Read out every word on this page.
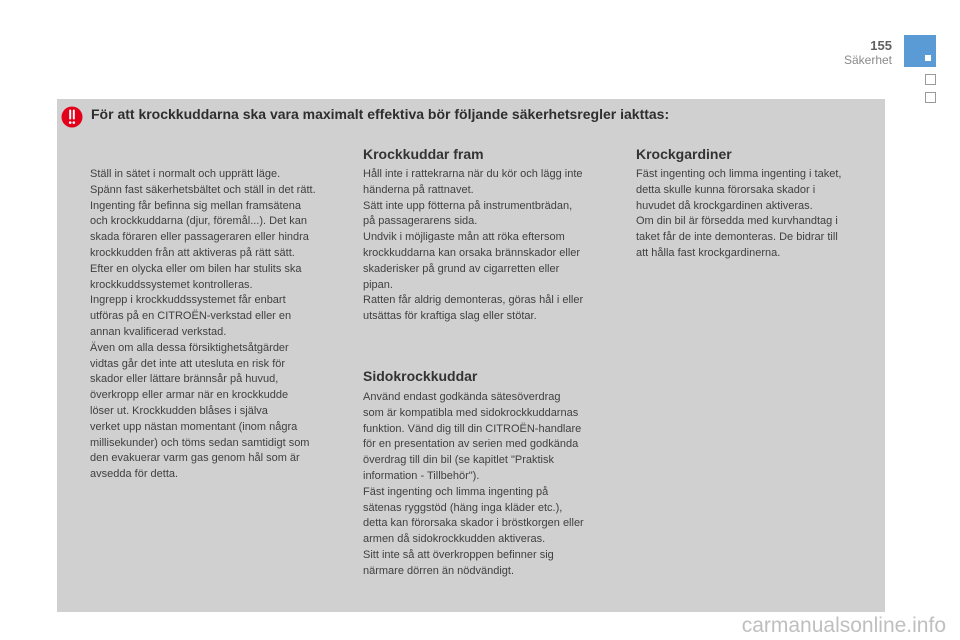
155
Säkerhet
För att krockkuddarna ska vara maximalt effektiva bör följande säkerhetsregler iakttas:

Ställ in sätet i normalt och upprätt läge.

Spänn fast säkerhetsbältet och ställ in det rätt.

Ingenting får befinna sig mellan framsätena

och krockkuddarna (djur, föremål...). Det kan

skada föraren eller passageraren eller hindra

krockkudden från att aktiveras på rätt sätt.

Efter en olycka eller om bilen har stulits ska

krockkuddssystemet kontrolleras.

Ingrepp i krockkuddssystemet får enbart

utföras på en CITROËN-verkstad eller en

annan kvalificerad verkstad.

Även om alla dessa försiktighetsåtgärder

vidtas går det inte att utesluta en risk för

skador eller lättare brännsår på huvud,

överkropp eller armar när en krockkudde

löser ut. Krockkudden blåses i själva

verket upp nästan momentant (inom några

millisekunder) och töms sedan samtidigt som

den evakuerar varm gas genom hål som är

avsedda för detta.

Krockkuddar fram

Håll inte i rattekrarna när du kör och lägg inte

händerna på rattnavet.

Sätt inte upp fötterna på instrumentbrädan,

på passagerarens sida.

Undvik i möjligaste mån att röka eftersom

krockkuddarna kan orsaka brännskador eller

skaderisker på grund av cigarretten eller

pipan.

Ratten får aldrig demonteras, göras hål i eller

utsättas för kraftiga slag eller stötar.

Sidokrockkuddar

Använd endast godkända sätesöverdrag

som är kompatibla med sidokrockkuddarnas

funktion. Vänd dig till din CITROËN-handlare

för en presentation av serien med godkända

överdrag till din bil (se kapitlet "Praktisk

information - Tillbehör").

Fäst ingenting och limma ingenting på

sätenas ryggstöd (häng inga kläder etc.),

detta kan förorsaka skador i bröstkorgen eller

armen då sidokrockkudden aktiveras.

Sitt inte så att överkroppen befinner sig

närmare dörren än nödvändigt.

Krockgardiner

Fäst ingenting och limma ingenting i taket,

detta skulle kunna förorsaka skador i

huvudet då krockgardinen aktiveras.

Om din bil är försedda med kurvhandtag i

taket får de inte demonteras. De bidrar till

att hålla fast krockgardinerna.

carmanualsonline.info
